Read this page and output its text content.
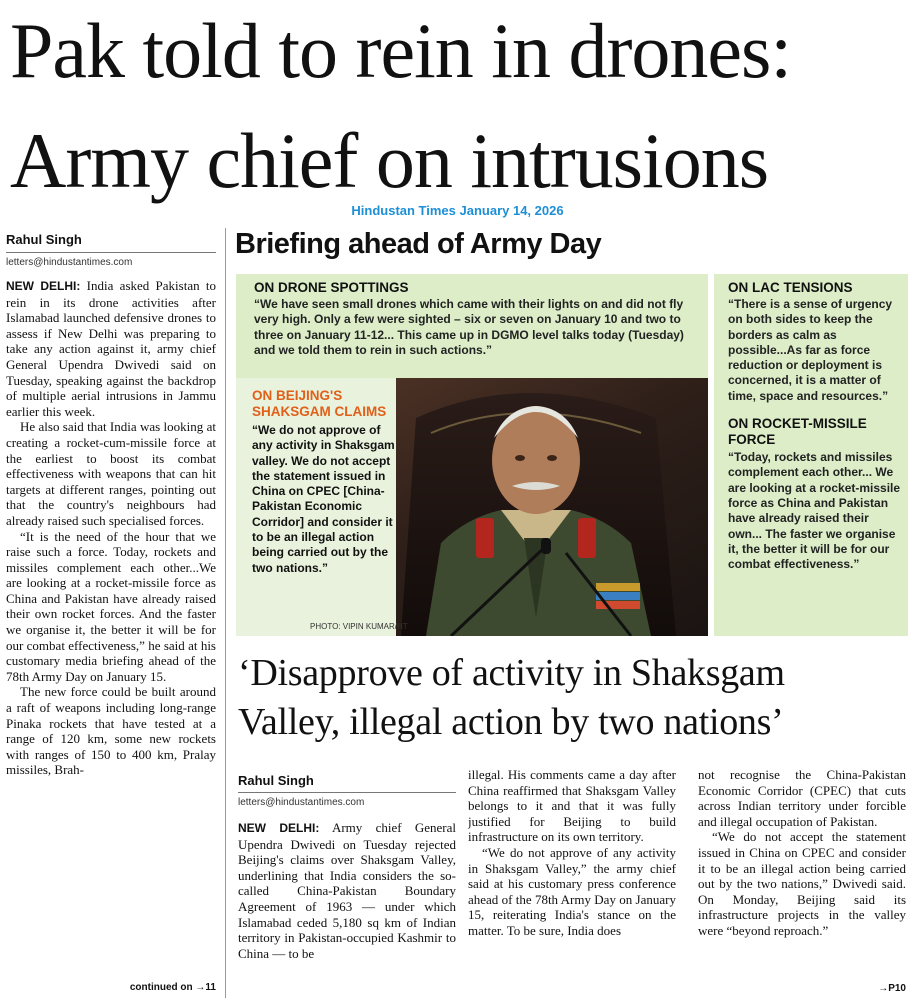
Pak told to rein in drones:
Army chief on intrusions
Hindustan Times January 14, 2026
Rahul Singh
letters@hindustantimes.com

NEW DELHI: India asked Pakistan to rein in its drone activities after Islamabad launched defensive drones to assess if New Delhi was preparing to take any action against it, army chief General Upendra Dwivedi said on Tuesday, speaking against the backdrop of multiple aerial intrusions in Jammu earlier this week.

He also said that India was looking at creating a rocket-cum-missile force at the earliest to boost its combat effectiveness with weapons that can hit targets at different ranges, pointing out that the country's neighbours had already raised such specialised forces.

“It is the need of the hour that we raise such a force. Today, rockets and missiles complement each other...We are looking at a rocket-missile force as China and Pakistan have already raised their own rocket forces. And the faster we organise it, the better it will be for our combat effectiveness,” he said at his customary media briefing ahead of the 78th Army Day on January 15.

The new force could be built around a raft of weapons including long-range Pinaka rockets that have tested at a range of 120 km, some new rockets with ranges of 150 to 400 km, Pralay missiles, Brah-

continued on →11
Briefing ahead of Army Day
ON DRONE SPOTTINGS
“We have seen small drones which came with their lights on and did not fly very high. Only a few were sighted – six or seven on January 10 and two to three on January 11-12... This came up in DGMO level talks today (Tuesday) and we told them to rein in such actions.”
ON LAC TENSIONS
“There is a sense of urgency on both sides to keep the borders as calm as possible...As far as force reduction or deployment is concerned, it is a matter of time, space and resources.”
ON ROCKET-MISSILE FORCE
“Today, rockets and missiles complement each other... We are looking at a rocket-missile force as China and Pakistan have already raised their own... The faster we organise it, the better it will be for our combat effectiveness.”
ON BEIJING'S SHAKSGAM CLAIMS
“We do not approve of any activity in Shaksgam valley. We do not accept the statement issued in China on CPEC [China-Pakistan Economic Corridor] and consider it to be an illegal action being carried out by the two nations.”
PHOTO: VIPIN KUMAR/HT
‘Disapprove of activity in Shaksgam
Valley, illegal action by two nations’
Rahul Singh
letters@hindustantimes.com

NEW DELHI: Army chief General Upendra Dwivedi on Tuesday rejected Beijing's claims over Shaksgam Valley, underlining that India considers the so-called China-Pakistan Boundary Agreement of 1963 — under which Islamabad ceded 5,180 sq km of Indian territory in Pakistan-occupied Kashmir to China — to be

illegal. His comments came a day after China reaffirmed that Shaksgam Valley belongs to it and that it was fully justified for Beijing to build infrastructure on its own territory.

“We do not approve of any activity in Shaksgam Valley,” the army chief said at his customary press conference ahead of the 78th Army Day on January 15, reiterating India's stance on the matter. To be sure, India does

not recognise the China-Pakistan Economic Corridor (CPEC) that cuts across Indian territory under forcible and illegal occupation of Pakistan.

“We do not accept the statement issued in China on CPEC and consider it to be an illegal action being carried out by the two nations,” Dwivedi said. On Monday, Beijing said its infrastructure projects in the valley were “beyond reproach.”

→P10
